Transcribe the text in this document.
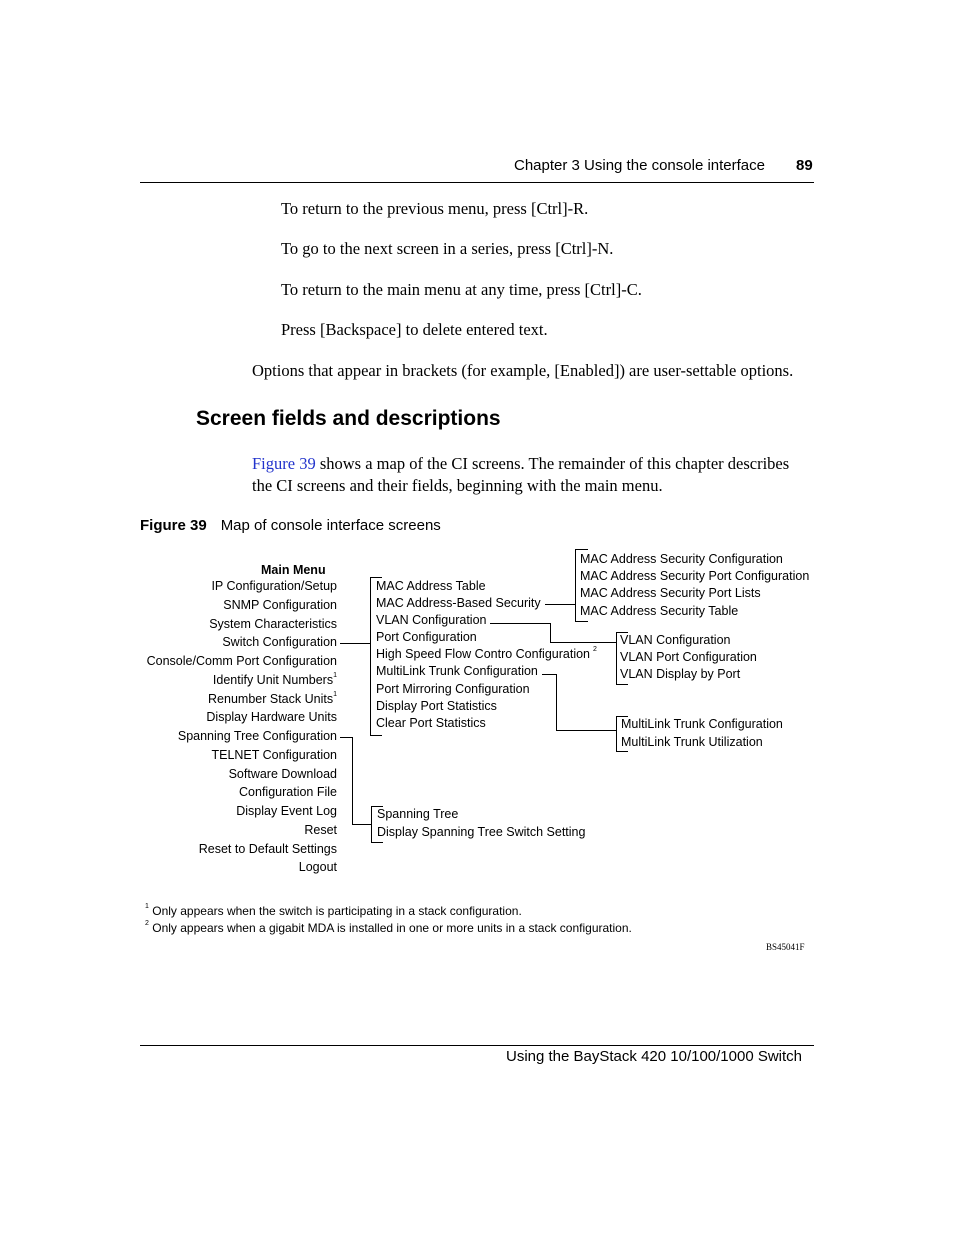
Chapter 3 Using the console interface 89
To return to the previous menu, press [Ctrl]-R.
To go to the next screen in a series, press [Ctrl]-N.
To return to the main menu at any time, press [Ctrl]-C.
Press [Backspace] to delete entered text.
Options that appear in brackets (for example, [Enabled]) are user-settable options.
Screen fields and descriptions
Figure 39 shows a map of the CI screens. The remainder of this chapter describes
the CI screens and their fields, beginning with the main menu.
Figure 39 Map of console interface screens
Main Menu
IP Configuration/Setup
SNMP Configuration
System Characteristics
Switch Configuration
Console/Comm Port Configuration
Identify Unit Numbers$^1$
Renumber Stack Units$^1$
Display Hardware Units
Spanning Tree Configuration
TELNET Configuration
Software Download
Configuration File
Display Event Log
Reset
Reset to Default Settings
Logout
MAC Address Table
MAC Address-Based Security
VLAN Configuration
Port Configuration
High Speed Flow Contro Configuration $^2$
MultiLink Trunk Configuration
Port Mirroring Configuration
Display Port Statistics
Clear Port Statistics
MAC Address Security Configuration
MAC Address Security Port Configuration
MAC Address Security Port Lists
MAC Address Security Table
VLAN Configuration
VLAN Port Configuration
VLAN Display by Port
MultiLink Trunk Configuration
MultiLink Trunk Utilization
Spanning Tree
Display Spanning Tree Switch Setting
$^1$ Only appears when the switch is participating in a stack configuration.
$^2$ Only appears when a gigabit MDA is installed in one or more units in a stack configuration.
BS45041F
Using the BayStack 420 10/100/1000 Switch
